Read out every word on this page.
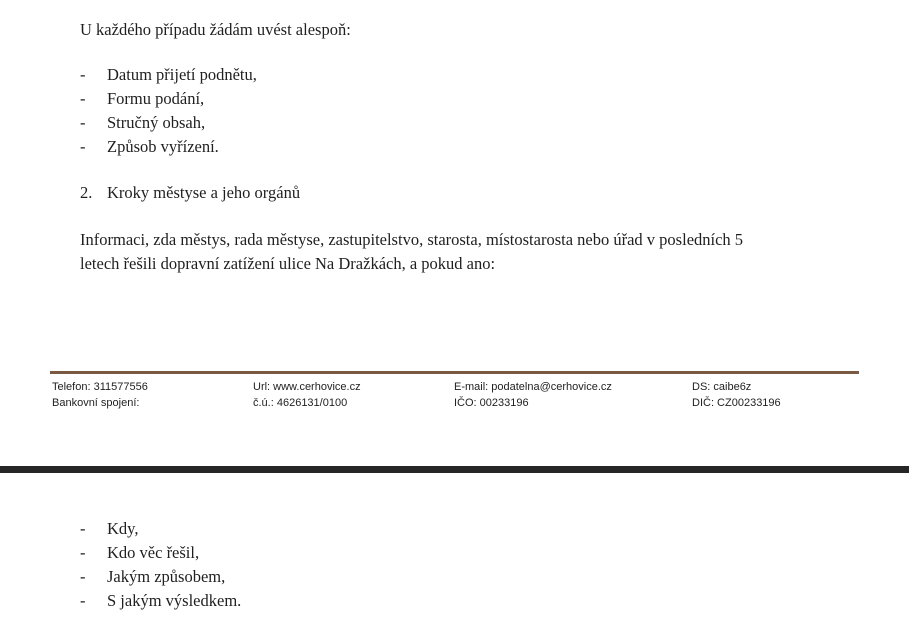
U každého případu žádám uvést alespoň:
- Datum přijetí podnětu,
- Formu podání,
- Stručný obsah,
- Způsob vyřízení.
2. Kroky městyse a jeho orgánů
Informaci, zda městys, rada městyse, zastupitelstvo, starosta, místostarosta nebo úřad v posledních 5
letech řešili dopravní zatížení ulice Na Dražkách, a pokud ano:
Telefon: 311577556
Bankovní spojení:
Url: www.cerhovice.cz
č.ú.: 4626131/0100
E-mail: podatelna@cerhovice.cz
IČO: 00233196
DS: caibe6z
DIČ: CZ00233196
- Kdy,
- Kdo věc řešil,
- Jakým způsobem,
- S jakým výsledkem.
